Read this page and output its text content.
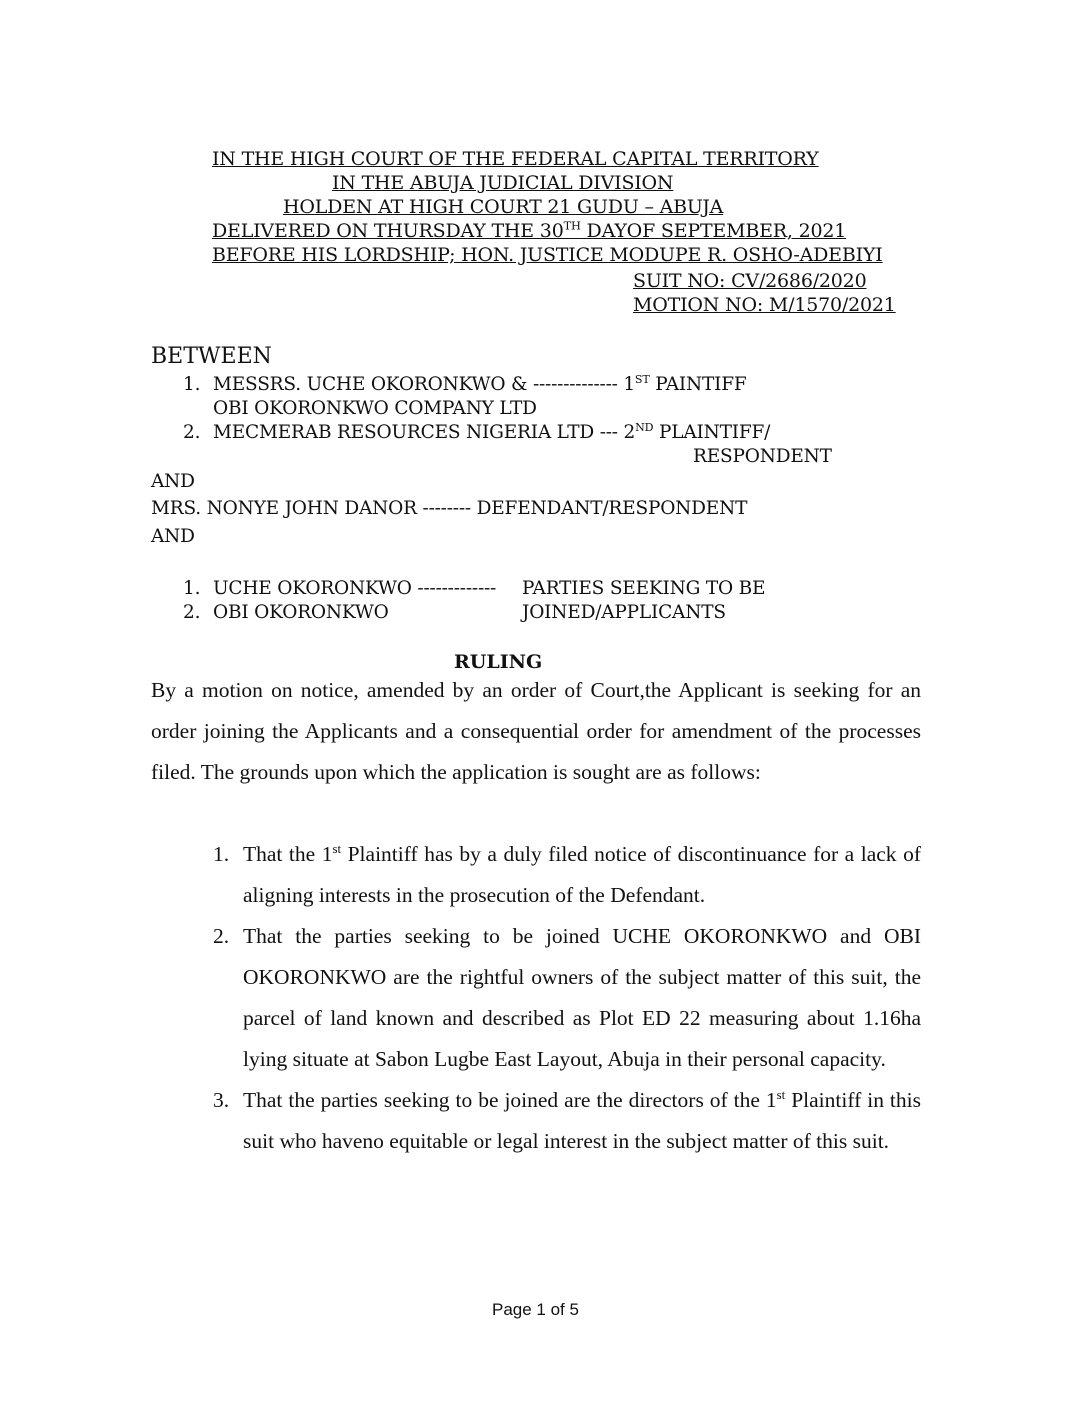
IN THE HIGH COURT OF THE FEDERAL CAPITAL TERRITORY
IN THE ABUJA JUDICIAL DIVISION
HOLDEN AT HIGH COURT 21 GUDU – ABUJA
DELIVERED ON THURSDAY THE 30TH DAYOF SEPTEMBER, 2021
BEFORE HIS LORDSHIP; HON. JUSTICE MODUPE R. OSHO-ADEBIYI
SUIT NO: CV/2686/2020
MOTION NO: M/1570/2021
BETWEEN
1. MESSRS. UCHE OKORONKWO & -------------- 1ST PAINTIFF
OBI OKORONKWO COMPANY LTD
2. MECMERAB RESOURCES NIGERIA LTD --- 2ND PLAINTIFF/
RESPONDENT
AND
MRS. NONYE JOHN DANOR -------- DEFENDANT/RESPONDENT
AND
1. UCHE OKORONKWO ------------- PARTIES SEEKING TO BE
2. OBI OKORONKWO	JOINED/APPLICANTS
RULING

By a motion on notice, amended by an order of Court,the Applicant is seeking for an order joining the Applicants and a consequential order for amendment of the processes filed. The grounds upon which the application is sought are as follows:

1. That the 1st Plaintiff has by a duly filed notice of discontinuance for a lack of aligning interests in the prosecution of the Defendant.
2. That the parties seeking to be joined UCHE OKORONKWO and OBI OKORONKWO are the rightful owners of the subject matter of this suit, the parcel of land known and described as Plot ED 22 measuring about 1.16ha lying situate at Sabon Lugbe East Layout, Abuja in their personal capacity.
3. That the parties seeking to be joined are the directors of the 1st Plaintiff in this suit who haveno equitable or legal interest in the subject matter of this suit.
Page 1 of 5
